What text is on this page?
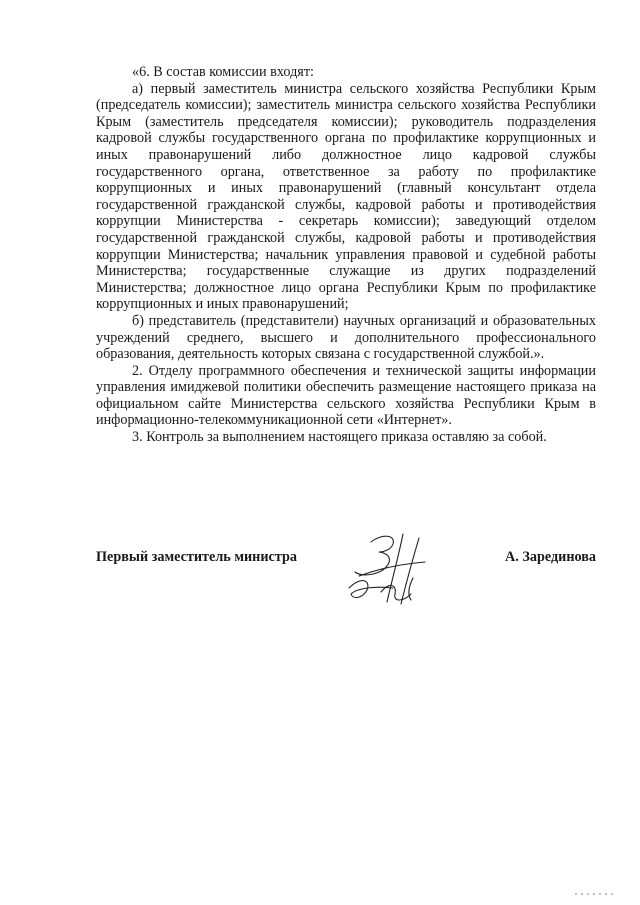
«6. В состав комиссии входят:

а) первый заместитель министра сельского хозяйства Республики Крым (председатель комиссии); заместитель министра сельского хозяйства Республики Крым (заместитель председателя комиссии); руководитель подразделения кадровой службы государственного органа по профилактике коррупционных и иных правонарушений либо должностное лицо кадровой службы государственного органа, ответственное за работу по профилактике коррупционных и иных правонарушений (главный консультант отдела государственной гражданской службы, кадровой работы и противодействия коррупции Министерства - секретарь комиссии); заведующий отделом государственной гражданской службы, кадровой работы и противодействия коррупции Министерства; начальник управления правовой и судебной работы Министерства; государственные служащие из других подразделений Министерства; должностное лицо органа Республики Крым по профилактике коррупционных и иных правонарушений;

б) представитель (представители) научных организаций и образовательных учреждений среднего, высшего и дополнительного профессионального образования, деятельность которых связана с государственной службой.».

2. Отделу программного обеспечения и технической защиты информации управления имиджевой политики обеспечить размещение настоящего приказа на официальном сайте Министерства сельского хозяйства Республики Крым в информационно-телекоммуникационной сети «Интернет».

3. Контроль за выполнением настоящего приказа оставляю за собой.

Первый заместитель министра	А. Зарединова
